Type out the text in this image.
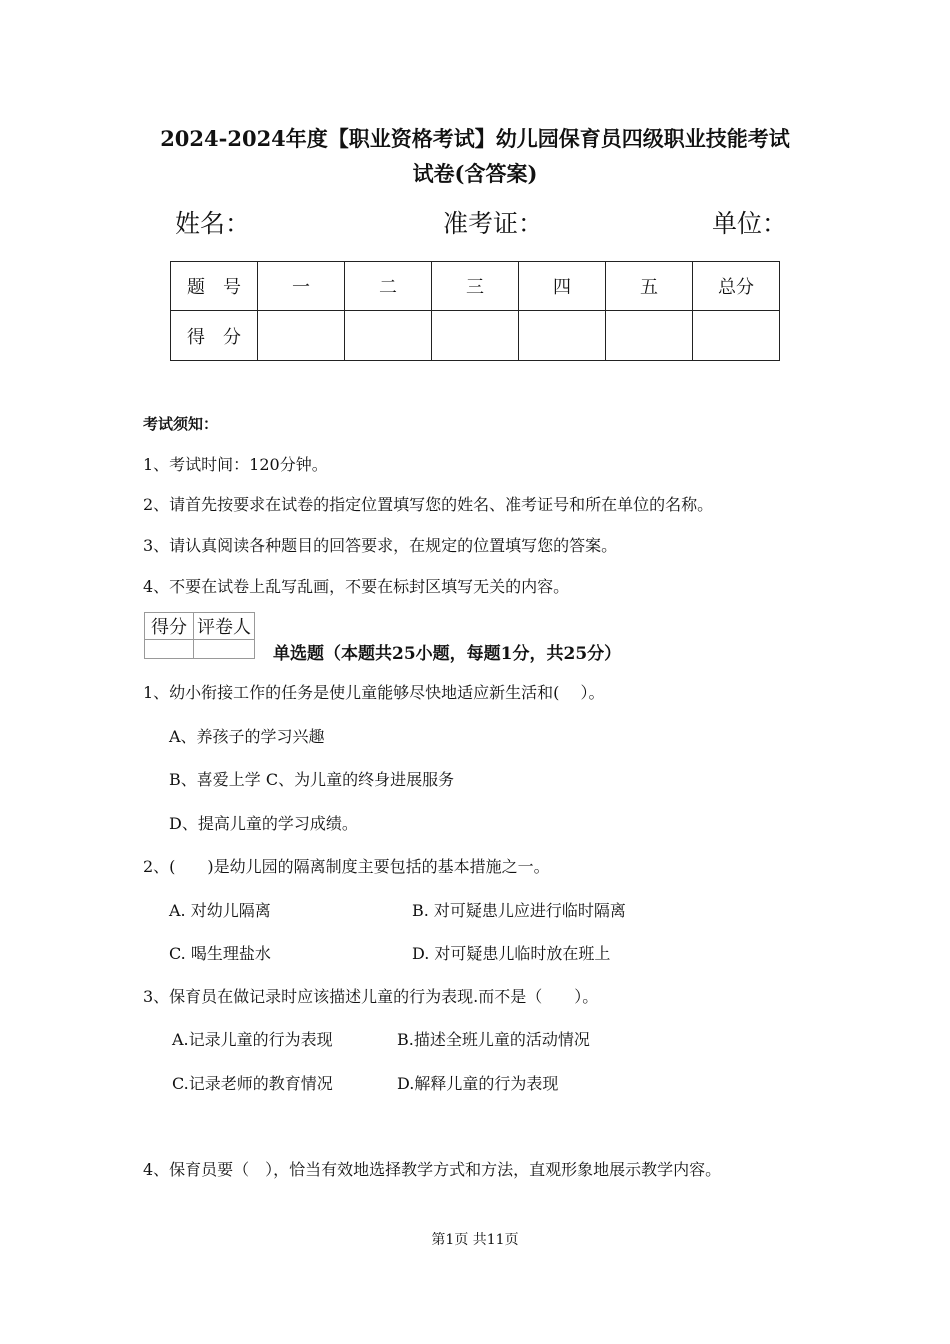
2024-2024年度【职业资格考试】幼儿园保育员四级职业技能考试
试卷(含答案)
姓名：	准考证：	单位：
题　号	一	二	三	四	五	总分
得　分						
考试须知：
1、考试时间：120分钟。
2、请首先按要求在试卷的指定位置填写您的姓名、准考证号和所在单位的名称。
3、请认真阅读各种题目的回答要求，在规定的位置填写您的答案。
4、不要在试卷上乱写乱画，不要在标封区填写无关的内容。
得分	评卷人

单选题（本题共25小题，每题1分，共25分）
1、幼小衔接工作的任务是使儿童能够尽快地适应新生活和(　 ）。
A、养孩子的学习兴趣
B、喜爱上学 C、为儿童的终身进展服务
D、提高儿童的学习成绩。
2、(　　)是幼儿园的隔离制度主要包括的基本措施之一。
A. 对幼儿隔离	B. 对可疑患儿应进行临时隔离
C. 喝生理盐水	D. 对可疑患儿临时放在班上
3、保育员在做记录时应该描述儿童的行为表现.而不是（　　）。
A.记录儿童的行为表现	B.描述全班儿童的活动情况
C.记录老师的教育情况	D.解释儿童的行为表现
4、保育员要（　），恰当有效地选择教学方式和方法，直观形象地展示教学内容。
第1页 共11页
